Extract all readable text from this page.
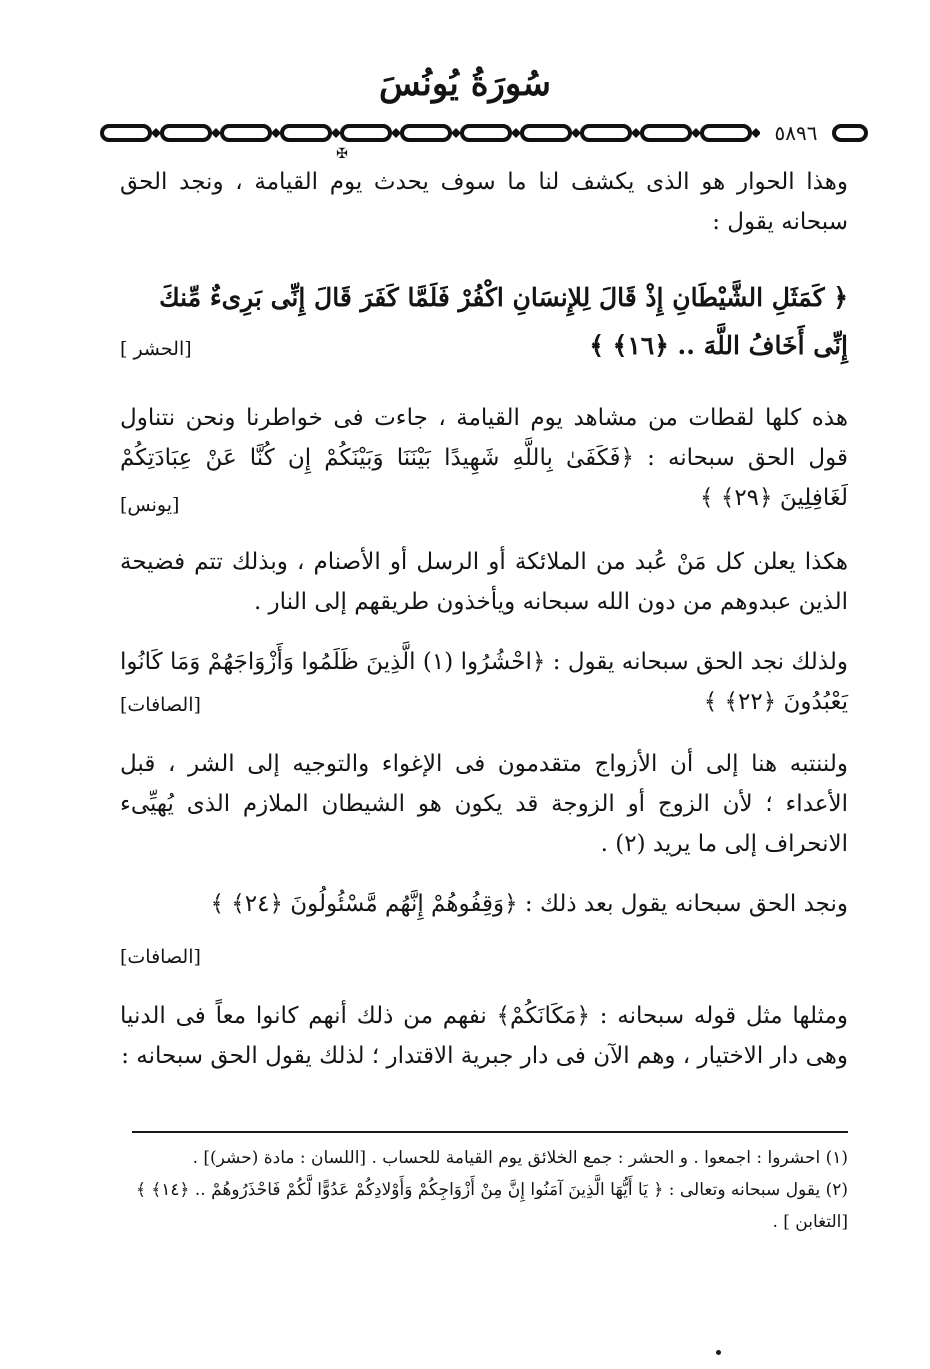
سُورَةُ يُونُسَ
٥٨٩٦
✠

وهذا الحوار هو الذى يكشف لنا ما سوف يحدث يوم القيامة ، ونجد الحق سبحانه يقول :

﴿ كَمَثَلِ الشَّيْطَانِ إِذْ قَالَ لِلإِنسَانِ اكْفُرْ فَلَمَّا كَفَرَ قَالَ إِنِّى بَرِىءٌ مِّنكَ إِنِّى أَخَافُ اللَّهَ .. ﴿١٦﴾ ﴾

[الحشر ]

هذه كلها لقطات من مشاهد يوم القيامة ، جاءت فى خواطرنا ونحن نتناول قول الحق سبحانه : ﴿فَكَفَىٰ بِاللَّهِ شَهِيدًا بَيْنَنَا وَبَيْنَكُمْ إِن كُنَّا عَنْ عِبَادَتِكُمْ لَغَافِلِينَ ﴿٢٩﴾ ﴾

[يونس]

هكذا يعلن كل مَنْ عُبد من الملائكة أو الرسل أو الأصنام ، وبذلك تتم فضيحة الذين عبدوهم من دون الله سبحانه ويأخذون طريقهم إلى النار .

ولذلك نجد الحق سبحانه يقول : ﴿احْشُرُوا (١) الَّذِينَ ظَلَمُوا وَأَزْوَاجَهُمْ وَمَا كَانُوا يَعْبُدُونَ ﴿٢٢﴾ ﴾

[الصافات]

ولننتبه هنا إلى أن الأزواج متقدمون فى الإغواء والتوجيه إلى الشر ، قبل الأعداء ؛ لأن الزوج أو الزوجة قد يكون هو الشيطان الملازم الذى يُهيِّىء الانحراف إلى ما يريد (٢) .

ونجد الحق سبحانه يقول بعد ذلك : ﴿وَقِفُوهُمْ إِنَّهُم مَّسْئُولُونَ ﴿٢٤﴾ ﴾

[الصافات]

ومثلها مثل قوله سبحانه : ﴿مَكَانَكُمْ﴾ نفهم من ذلك أنهم كانوا معاً فى الدنيا وهى دار الاختيار ، وهم الآن فى دار جبرية الاقتدار ؛ لذلك يقول الحق سبحانه :

(١) احشروا : اجمعوا . و الحشر : جمع الخلائق يوم القيامة للحساب . [اللسان : مادة (حشر)] .

(٢) يقول سبحانه وتعالى : ﴿ يَا أَيُّهَا الَّذِينَ آمَنُوا إِنَّ مِنْ أَزْوَاجِكُمْ وَأَوْلادِكُمْ عَدُوًّا لَّكُمْ فَاحْذَرُوهُمْ .. ﴿١٤﴾ ﴾

[التغابن ] .
